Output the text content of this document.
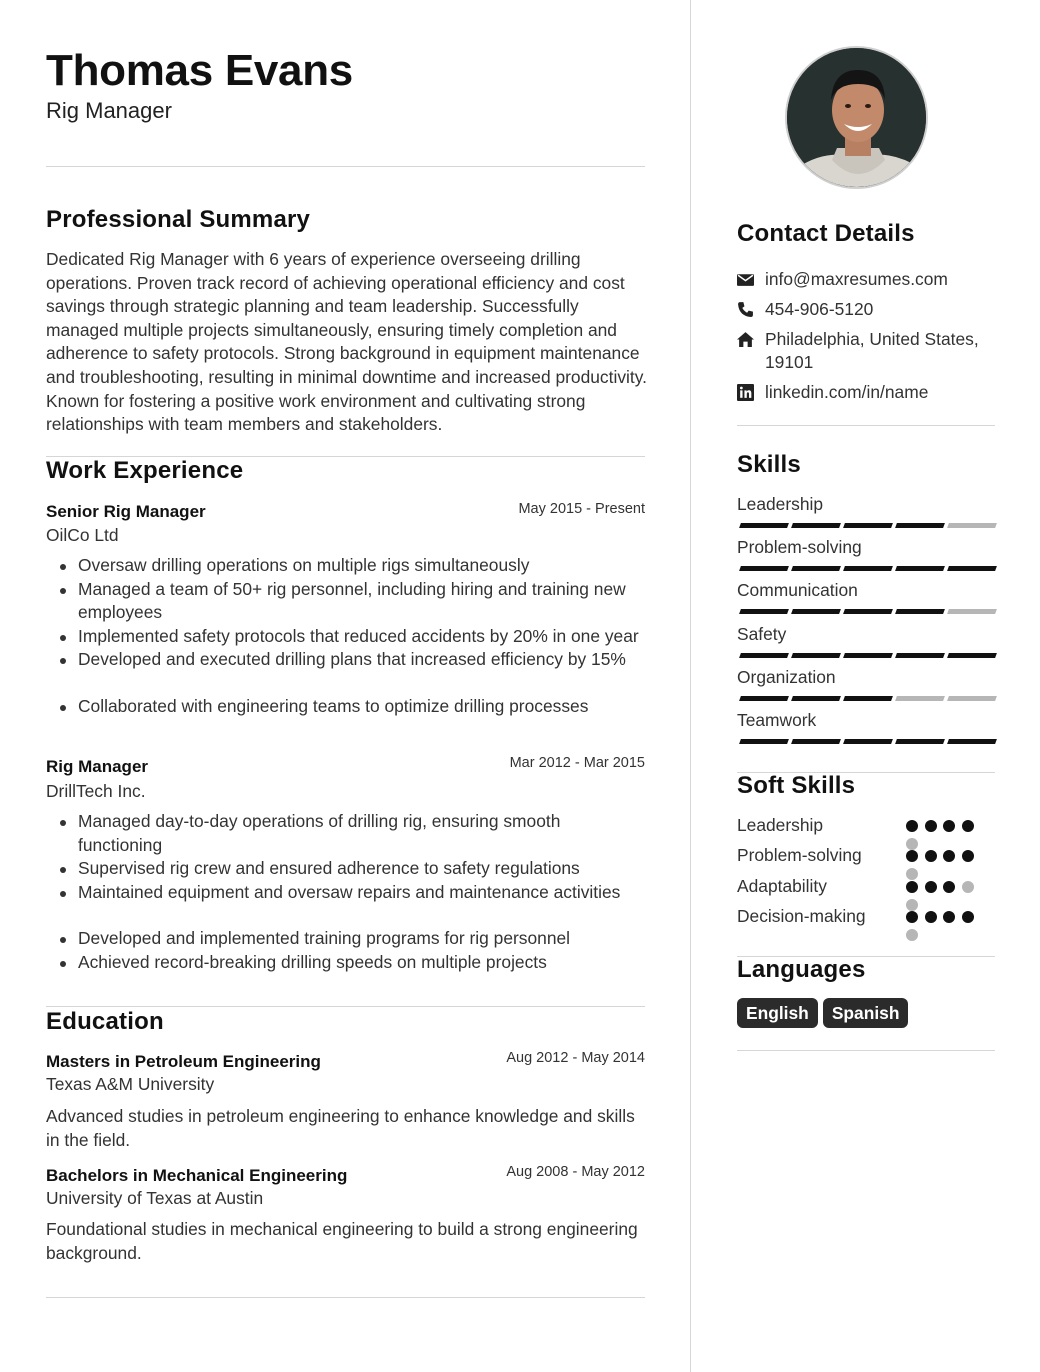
Thomas Evans
Rig Manager
Professional Summary

Dedicated Rig Manager with 6 years of experience overseeing drilling operations. Proven track record of achieving operational efficiency and cost savings through strategic planning and team leadership. Successfully managed multiple projects simultaneously, ensuring timely completion and adherence to safety protocols. Strong background in equipment maintenance and troubleshooting, resulting in minimal downtime and increased productivity. Known for fostering a positive work environment and cultivating strong relationships with team members and stakeholders.

Work Experience
Senior Rig Manager	May 2015 - Present
OilCo Ltd
Oversaw drilling operations on multiple rigs simultaneously
Managed a team of 50+ rig personnel, including hiring and training new employees
Implemented safety protocols that reduced accidents by 20% in one year
Developed and executed drilling plans that increased efficiency by 15%
Collaborated with engineering teams to optimize drilling processes
Rig Manager	Mar 2012 - Mar 2015
DrillTech Inc.
Managed day-to-day operations of drilling rig, ensuring smooth functioning
Supervised rig crew and ensured adherence to safety regulations
Maintained equipment and oversaw repairs and maintenance activities
Developed and implemented training programs for rig personnel
Achieved record-breaking drilling speeds on multiple projects
Education
Masters in Petroleum Engineering	Aug 2012 - May 2014
Texas A&M University

Advanced studies in petroleum engineering to enhance knowledge and skills in the field.

Bachelors in Mechanical Engineering	Aug 2008 - May 2012
University of Texas at Austin

Foundational studies in mechanical engineering to build a strong engineering background.

Contact Details
info@maxresumes.com
454-906-5120
Philadelphia, United States, 19101
linkedin.com/in/name
Skills
Leadership
Problem-solving
Communication
Safety
Organization
Teamwork
Soft Skills
Leadership
Problem-solving
Adaptability
Decision-making
Languages
English Spanish
